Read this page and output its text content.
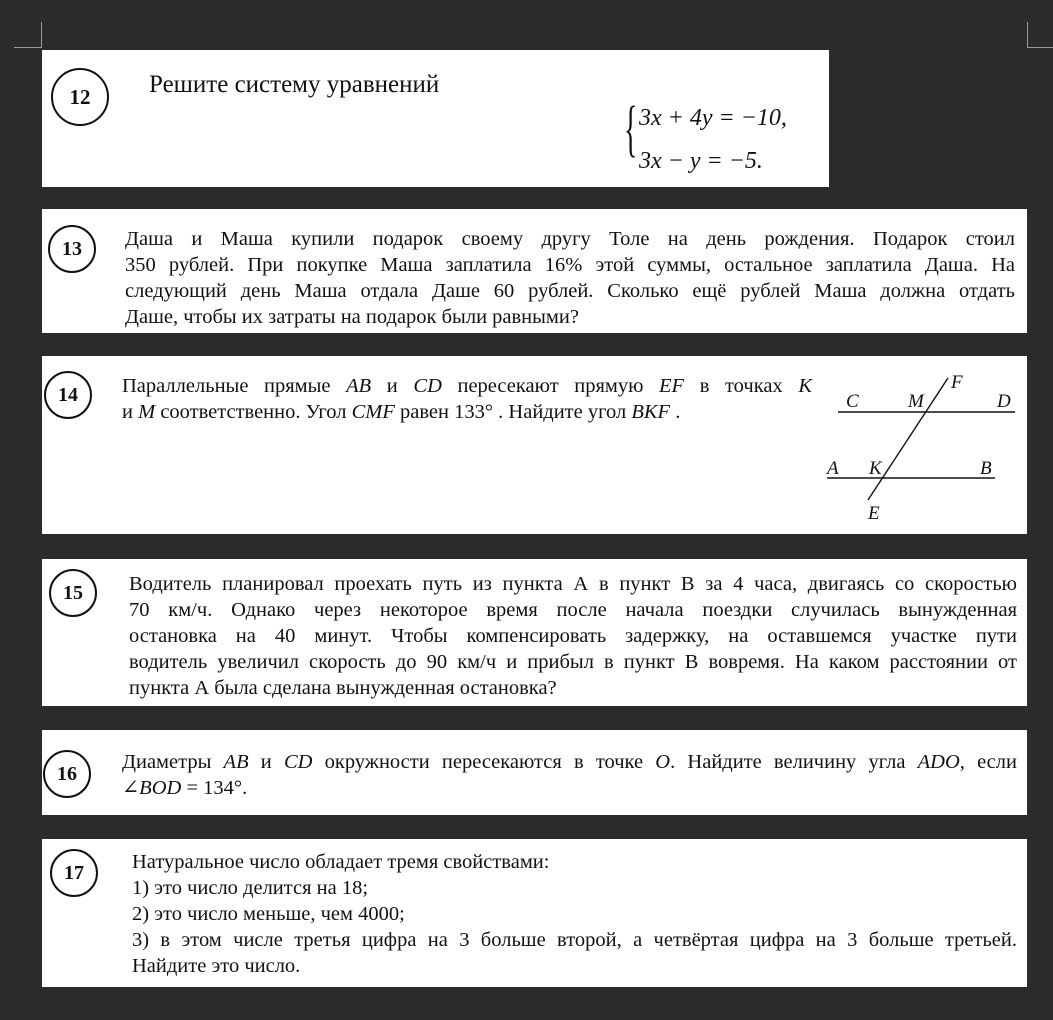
12	Решите систему уравнений
{ 3x + 4y = −10,
3x − y = −5.
13	Даша и Маша купили подарок своему другу Толе на день рождения. Подарок стоил
350 рублей. При покупке Маша заплатила 16% этой суммы, остальное заплатила Даша. На
следующий день Маша отдала Даше 60 рублей. Сколько ещё рублей Маша должна отдать
Даше, чтобы их затраты на подарок были равными?
14	Параллельные прямые AB и CD пересекают прямую EF в точках K
и M соответственно. Угол CMF равен 133° . Найдите угол BKF .	C	M
F
D
A K	B
E
15	Водитель планировал проехать путь из пункта А в пункт В за 4 часа, двигаясь со скоростью
70 км/ч. Однако через некоторое время после начала поездки случилась вынужденная
остановка на 40 минут. Чтобы компенсировать задержку, на оставшемся участке пути
водитель увеличил скорость до 90 км/ч и прибыл в пункт В вовремя. На каком расстоянии от
пункта А была сделана вынужденная остановка?
16
Диаметры AB и CD окружности пересекаются в точке O. Найдите величину угла ADO, если
∠BOD = 134°.
17	Натуральное число обладает тремя свойствами:
1) это число делится на 18;
2) это число меньше, чем 4000;
3) в этом числе третья цифра на 3 больше второй, а четвёртая цифра на 3 больше третьей.
Найдите это число.
